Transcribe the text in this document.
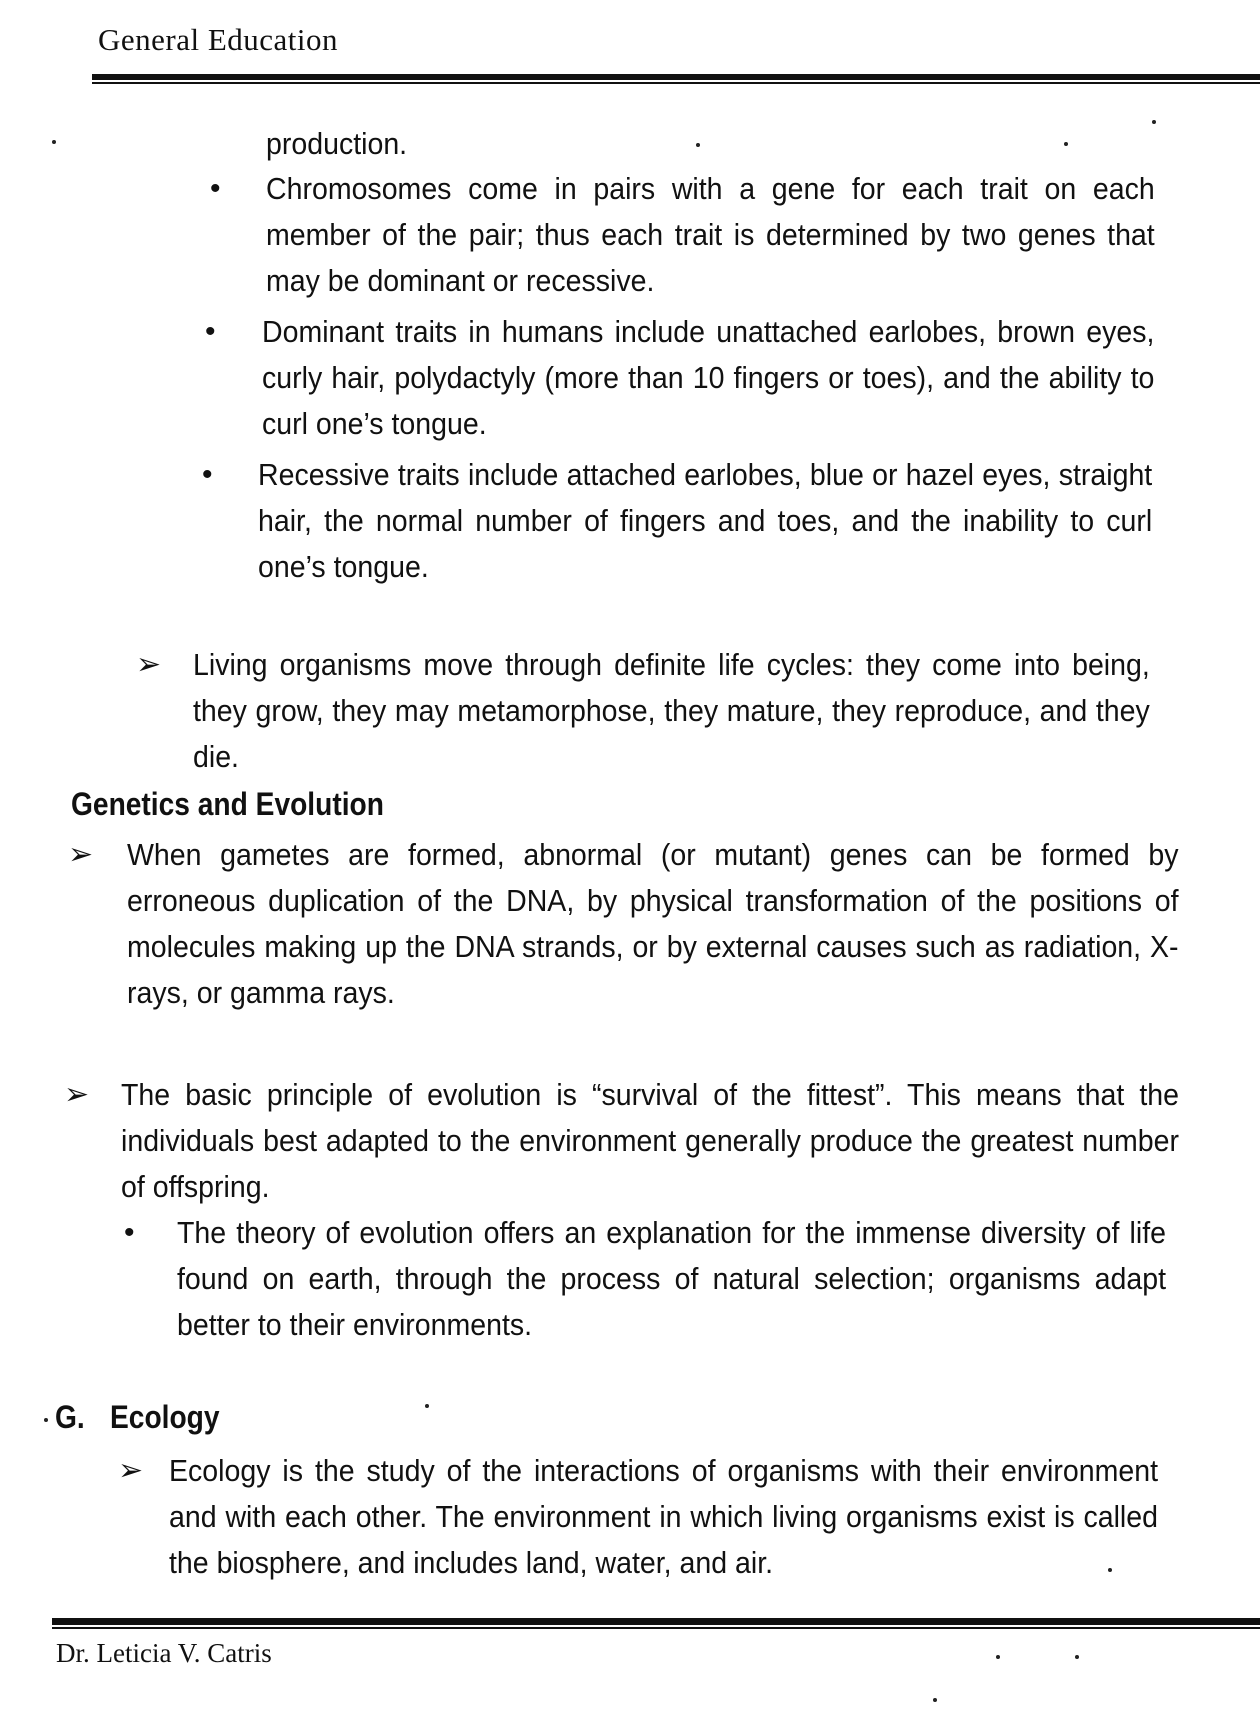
General Education
production.
• Chromosomes come in pairs with a gene for each trait on each member of the pair; thus each trait is determined by two genes that may be dominant or recessive.
• Dominant traits in humans include unattached earlobes, brown eyes, curly hair, polydactyly (more than 10 fingers or toes), and the ability to curl one’s tongue.
• Recessive traits include attached earlobes, blue or hazel eyes, straight hair, the normal number of fingers and toes, and the inability to curl one’s tongue.
➢ Living organisms move through definite life cycles: they come into being, they grow, they may metamorphose, they mature, they reproduce, and they die.
Genetics and Evolution
➢ When gametes are formed, abnormal (or mutant) genes can be formed by erroneous duplication of the DNA, by physical transformation of the positions of molecules making up the DNA strands, or by external causes such as radiation, X-rays, or gamma rays.
➢ The basic principle of evolution is “survival of the fittest”. This means that the individuals best adapted to the environment generally produce the greatest number of offspring.
• The theory of evolution offers an explanation for the immense diversity of life found on earth, through the process of natural selection; organisms adapt better to their environments.
G. Ecology
➢ Ecology is the study of the interactions of organisms with their environment and with each other. The environment in which living organisms exist is called the biosphere, and includes land, water, and air.
Dr. Leticia V. Catris
